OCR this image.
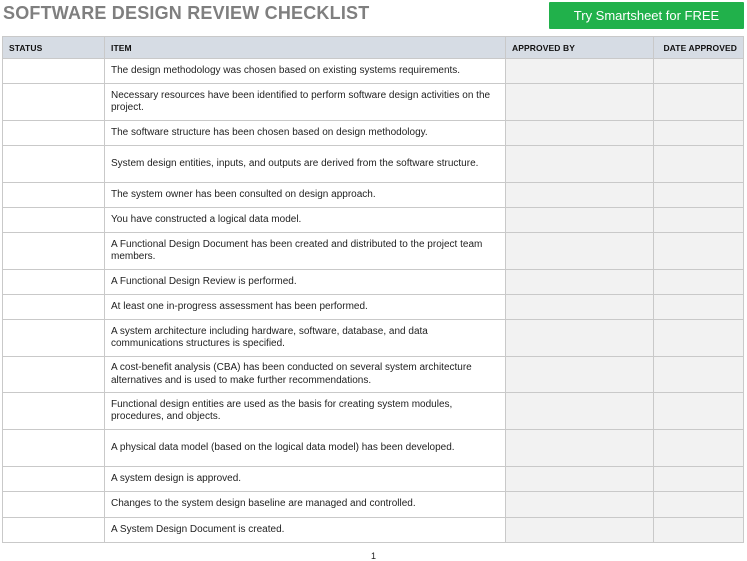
SOFTWARE DESIGN REVIEW CHECKLIST	Try Smartsheet for FREE
STATUS	ITEM	APPROVED BY	DATE APPROVED
	The design methodology was chosen based on existing systems requirements.		
	Necessary resources have been identified to perform software design activities on the project.		
	The software structure has been chosen based on design methodology.		
	System design entities, inputs, and outputs are derived from the software structure.		
	The system owner has been consulted on design approach.		
	You have constructed a logical data model.		
	A Functional Design Document has been created and distributed to the project team members.		
	A Functional Design Review is performed.		
	At least one in-progress assessment has been performed.		
	A system architecture including hardware, software, database, and data communications structures is specified.		
	A cost-benefit analysis (CBA) has been conducted on several system architecture alternatives and is used to make further recommendations.		
	Functional design entities are used as the basis for creating system modules, procedures, and objects.		
	A physical data model (based on the logical data model) has been developed.		
	A system design is approved.		
	Changes to the system design baseline are managed and controlled.		
	A System Design Document is created.		
1
